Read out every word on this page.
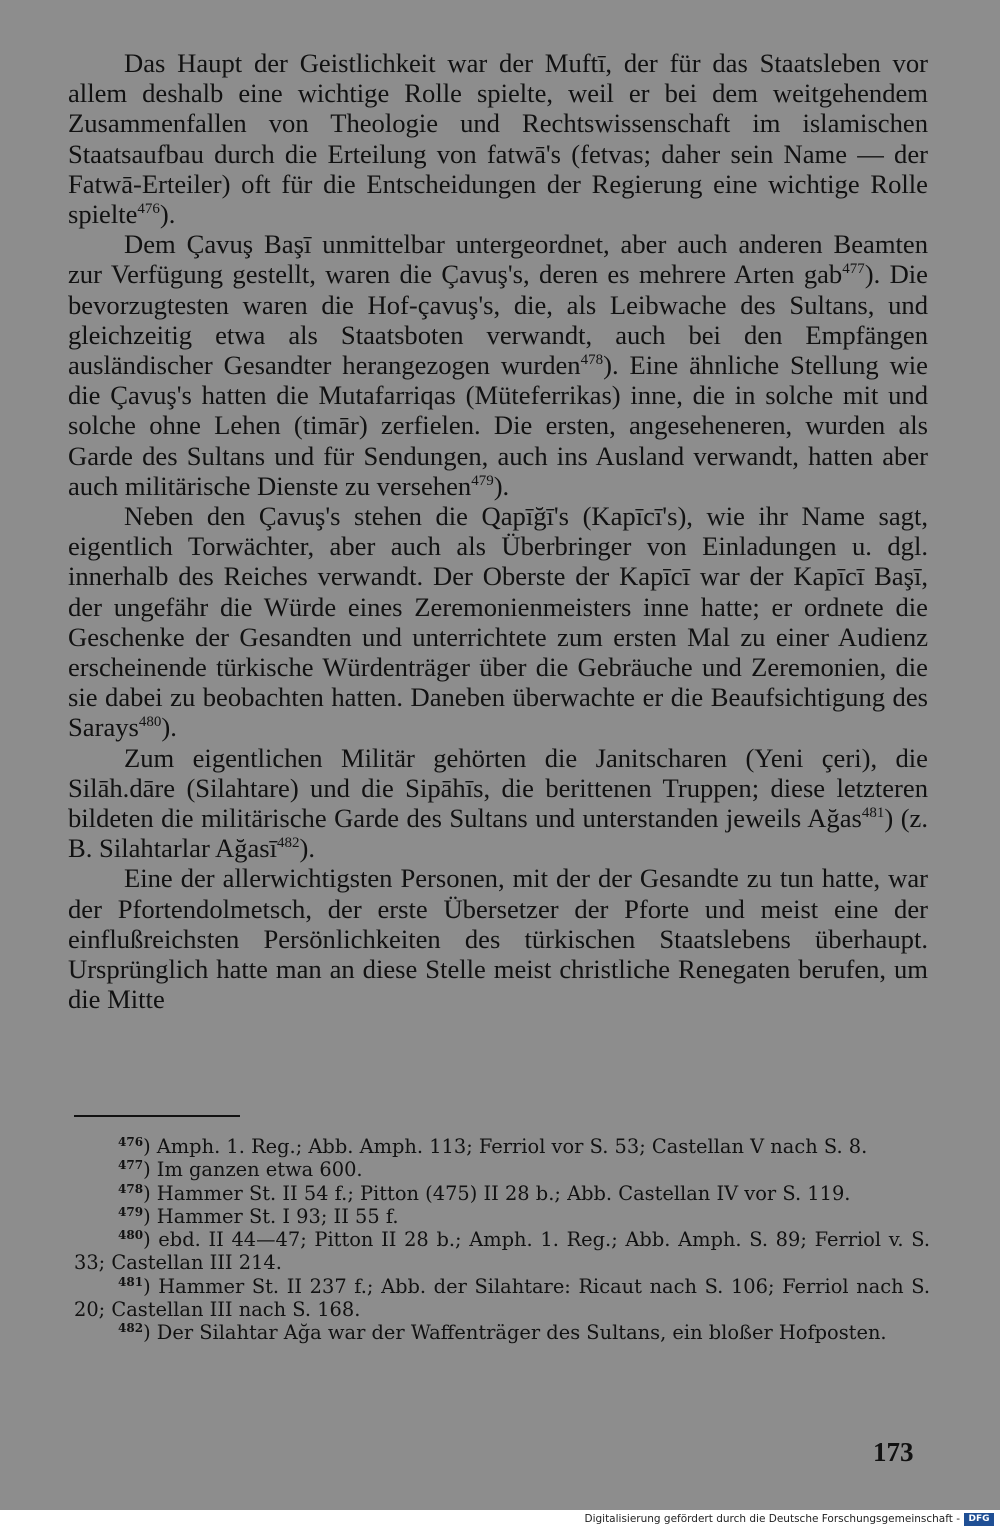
Das Haupt der Geistlichkeit war der Muftī, der für das Staatsleben vor allem deshalb eine wichtige Rolle spielte, weil er bei dem weitgehendem Zusammenfallen von Theologie und Rechtswissenschaft im islamischen Staatsaufbau durch die Erteilung von fatwā's (fetvas; daher sein Name — der Fatwā-Erteiler) oft für die Entscheidungen der Regierung eine wichtige Rolle spielte$^{476}$).

Dem Çavuş Başī unmittelbar untergeordnet, aber auch anderen Beamten zur Verfügung gestellt, waren die Çavuş's, deren es mehrere Arten gab$^{477}$). Die bevorzugtesten waren die Hof-çavuş's, die, als Leibwache des Sultans, und gleichzeitig etwa als Staatsboten verwandt, auch bei den Empfängen ausländischer Gesandter herangezogen wurden$^{478}$). Eine ähnliche Stellung wie die Çavuş's hatten die Mutafarriqas (Müteferrikas) inne, die in solche mit und solche ohne Lehen (timār) zerfielen. Die ersten, angeseheneren, wurden als Garde des Sultans und für Sendungen, auch ins Ausland verwandt, hatten aber auch militärische Dienste zu versehen$^{479}$).

Neben den Çavuş's stehen die Qapīğī's (Kapīcī's), wie ihr Name sagt, eigentlich Torwächter, aber auch als Überbringer von Einladungen u. dgl. innerhalb des Reiches verwandt. Der Oberste der Kapīcī war der Kapīcī Başī, der ungefähr die Würde eines Zeremonienmeisters inne hatte; er ordnete die Geschenke der Gesandten und unterrichtete zum ersten Mal zu einer Audienz erscheinende türkische Würdenträger über die Gebräuche und Zeremonien, die sie dabei zu beobachten hatten. Daneben überwachte er die Beaufsichtigung des Sarays$^{480}$).

Zum eigentlichen Militär gehörten die Janitscharen (Yeni çeri), die Silāh.dāre (Silahtare) und die Sipāhīs, die berittenen Truppen; diese letzteren bildeten die militärische Garde des Sultans und unterstanden jeweils Ağas$^{481}$) (z. B. Silahtarlar Ağasī$^{482}$).

Eine der allerwichtigsten Personen, mit der der Gesandte zu tun hatte, war der Pfortendolmetsch, der erste Übersetzer der Pforte und meist eine der einflußreichsten Persönlichkeiten des türkischen Staatslebens überhaupt. Ursprünglich hatte man an diese Stelle meist christliche Renegaten berufen, um die Mitte

$^{476}$) Amph. 1. Reg.; Abb. Amph. 113; Ferriol vor S. 53; Castellan V nach S. 8.

$^{477}$) Im ganzen etwa 600.

$^{478}$) Hammer St. II 54 f.; Pitton (475) II 28 b.; Abb. Castellan IV vor S. 119.

$^{479}$) Hammer St. I 93; II 55 f.

$^{480}$) ebd. II 44—47; Pitton II 28 b.; Amph. 1. Reg.; Abb. Amph. S. 89; Ferriol v. S. 33; Castellan III 214.

$^{481}$) Hammer St. II 237 f.; Abb. der Silahtare: Ricaut nach S. 106; Ferriol nach S. 20; Castellan III nach S. 168.

$^{482}$) Der Silahtar Ağa war der Waffenträger des Sultans, ein bloßer Hofposten.

173
Digitalisierung gefördert durch die Deutsche Forschungsgemeinschaft - DFG
